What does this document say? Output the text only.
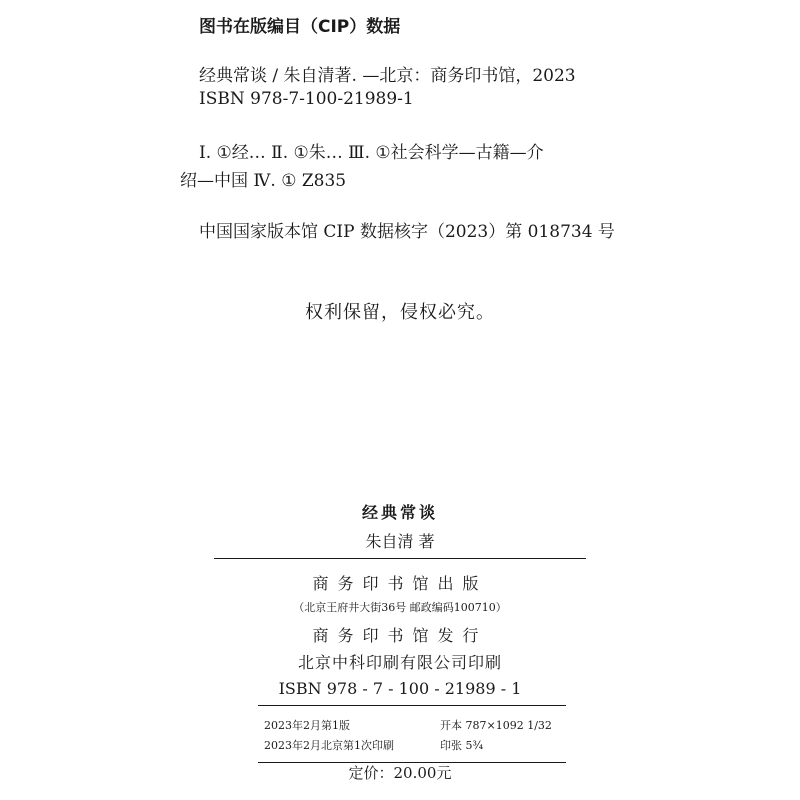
图书在版编目（CIP）数据
经典常谈 / 朱自清著. —北京：商务印书馆，2023
ISBN 978-7-100-21989-1
Ⅰ. ①经… Ⅱ. ①朱… Ⅲ. ①社会科学—古籍—介
绍—中国 Ⅳ. ① Z835
中国国家版本馆 CIP 数据核字（2023）第 018734 号
权利保留，侵权必究。
经典常谈
朱自清 著
商务印书馆出版
（北京王府井大街36号 邮政编码100710）
商务印书馆发行
北京中科印刷有限公司印刷
ISBN 978 - 7 - 100 - 21989 - 1
2023年2月第1版	开本 787×1092 1/32
2023年2月北京第1次印刷	印张 5¾
定价：20.00元
